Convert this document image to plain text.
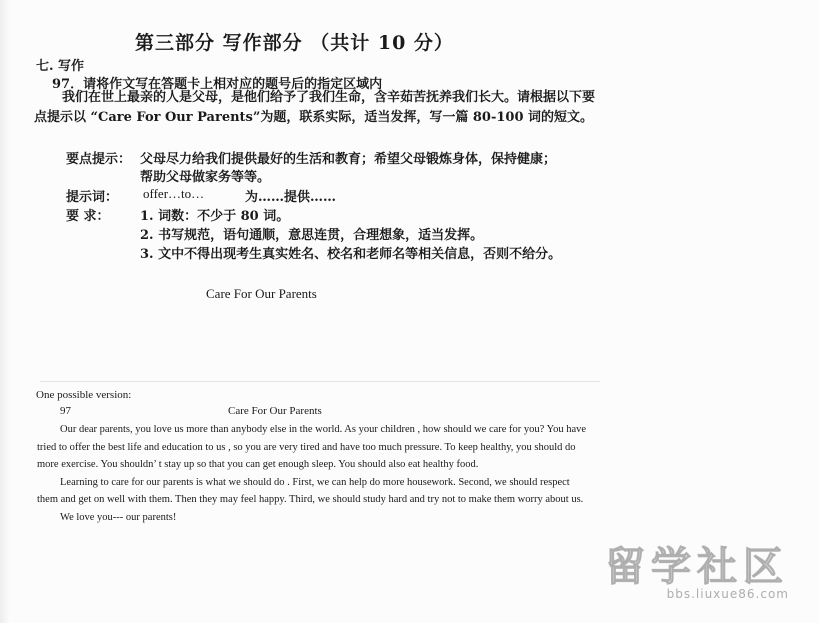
第三部分 写作部分 （共计 10 分）
七. 写作
97．请将作文写在答题卡上相对应的题号后的指定区域内

我们在世上最亲的人是父母，是他们给予了我们生命，含辛茹苦抚养我们长大。请根据以下要点提示以 “Care For Our Parents”为题，联系实际，适当发挥，写一篇 80-100 词的短文。

要点提示： 父母尽力给我们提供最好的生活和教育；希望父母锻炼身体，保持健康；
帮助父母做家务等等。
提示词： offer…to…	为……提供……
要 求： 1. 词数：不少于 80 词。
2. 书写规范，语句通顺，意思连贯，合理想象，适当发挥。
3. 文中不得出现考生真实姓名、校名和老师名等相关信息，否则不给分。
Care For Our Parents
One possible version:
97	Care For Our Parents

Our dear parents, you love us more than anybody else in the world. As your children , how should we care for you? You have tried to offer the best life and education to us , so you are very tired and have too much pressure. To keep healthy, you should do more exercise. You shouldn’ t stay up so that you can get enough sleep. You should also eat healthy food.

Learning to care for our parents is what we should do . First, we can help do more housework. Second, we should respect them and get on well with them. Then they may feel happy. Third, we should study hard and try not to make them worry about us.

We love you--- our parents!

留学社区
bbs.liuxue86.com
